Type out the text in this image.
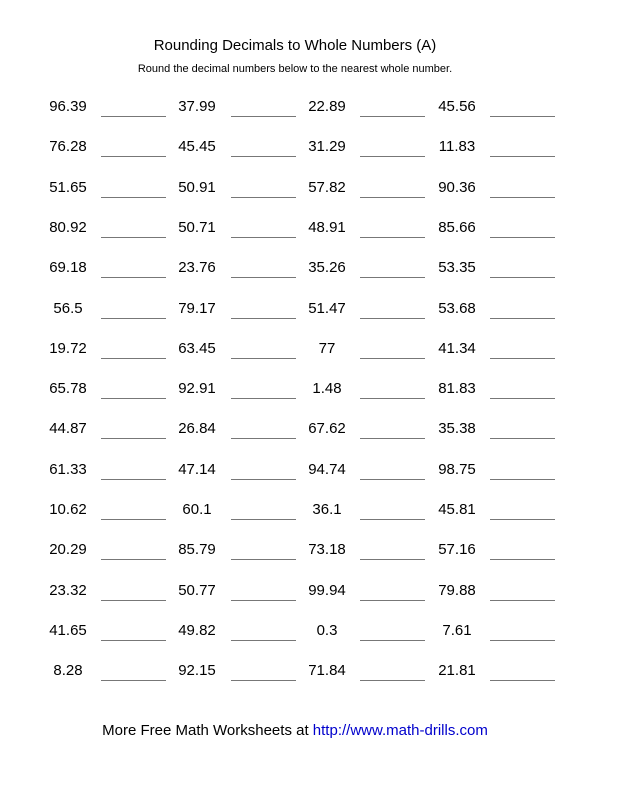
Rounding Decimals to Whole Numbers (A)
Round the decimal numbers below to the nearest whole number.
96.39	37.99	22.89	45.56
76.28	45.45	31.29	11.83
51.65	50.91	57.82	90.36
80.92	50.71	48.91	85.66
69.18	23.76	35.26	53.35
56.5	79.17	51.47	53.68
19.72	63.45	77	41.34
65.78	92.91	1.48	81.83
44.87	26.84	67.62	35.38
61.33	47.14	94.74	98.75
10.62	60.1	36.1	45.81
20.29	85.79	73.18	57.16
23.32	50.77	99.94	79.88
41.65	49.82	0.3	7.61
8.28	92.15	71.84	21.81
More Free Math Worksheets at http://www.math-drills.com
